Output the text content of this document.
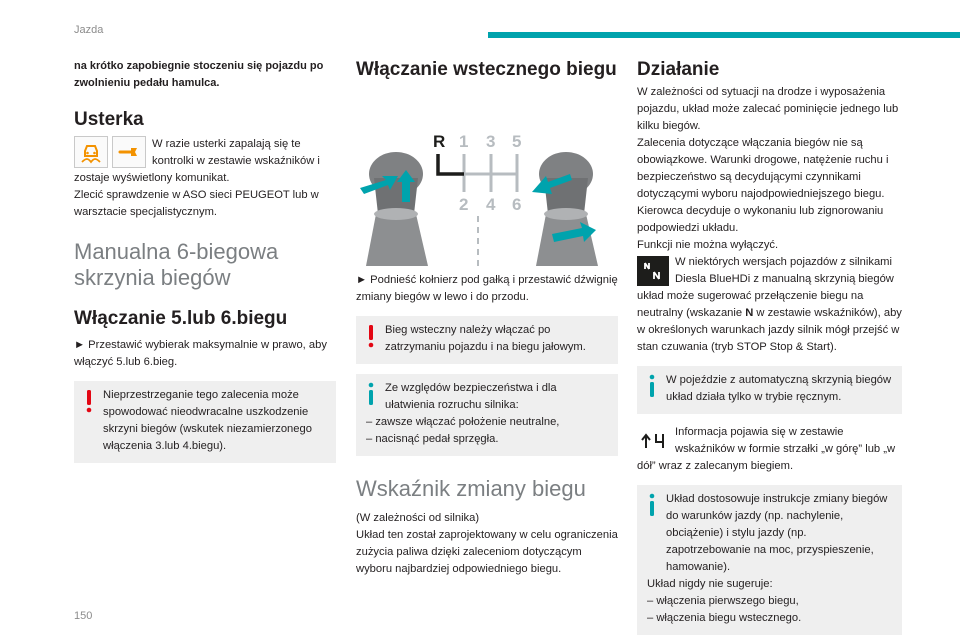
Jazda

na krótko zapobiegnie stoczeniu się pojazdu po zwolnieniu pedału hamulca.

Usterka

W razie usterki zapalają się te kontrolki w zestawie wskaźników i zostaje wyświetlony komunikat.

Zlecić sprawdzenie w ASO sieci PEUGEOT lub w warsztacie specjalistycznym.

Manualna 6-biegowa skrzynia biegów
Włączanie 5.lub 6.biegu

► Przestawić wybierak maksymalnie w prawo, aby włączyć 5.lub 6.bieg.

Nieprzestrzeganie tego zalecenia może spowodować nieodwracalne uszkodzenie skrzyni biegów (wskutek niezamierzonego włączenia 3.lub 4.biegu).

Włączanie wstecznego biegu
R 1 3 5
2 4 6

► Podnieść kołnierz pod gałką i przestawić dźwignię zmiany biegów w lewo i do przodu.

Bieg wsteczny należy włączać po zatrzymaniu pojazdu i na biegu jałowym.

Ze względów bezpieczeństwa i dla ułatwienia rozruchu silnika:

– zawsze włączać położenie neutralne,

– nacisnąć pedał sprzęgła.

Wskaźnik zmiany biegu

(W zależności od silnika)

Układ ten został zaprojektowany w celu ograniczenia zużycia paliwa dzięki zaleceniom dotyczącym wyboru najbardziej odpowiedniego biegu.

Działanie

W zależności od sytuacji na drodze i wyposażenia pojazdu, układ może zalecać pominięcie jednego lub kilku biegów.

Zalecenia dotyczące włączania biegów nie są obowiązkowe. Warunki drogowe, natężenie ruchu i bezpieczeństwo są decydującymi czynnikami dotyczącymi wyboru najodpowiedniejszego biegu. Kierowca decyduje o wykonaniu lub zignorowaniu podpowiedzi układu.

Funkcji nie można wyłączyć.

W niektórych wersjach pojazdów z silnikami Diesla BlueHDi z manualną skrzynią biegów układ może sugerować przełączenie biegu na neutralny (wskazanie N w zestawie wskaźników), aby w określonych warunkach jazdy silnik mógł przejść w stan czuwania (tryb STOP Stop & Start).

W pojeździe z automatyczną skrzynią biegów układ działa tylko w trybie ręcznym.

Informacja pojawia się w zestawie wskaźników w formie strzałki „w górę” lub „w dół” wraz z zalecanym biegiem.

Układ dostosowuje instrukcje zmiany biegów do warunków jazdy (np. nachylenie, obciążenie) i stylu jazdy (np. zapotrzebowanie na moc, przyspieszenie, hamowanie).

Układ nigdy nie sugeruje:

– włączenia pierwszego biegu,

– włączenia biegu wstecznego.

150
